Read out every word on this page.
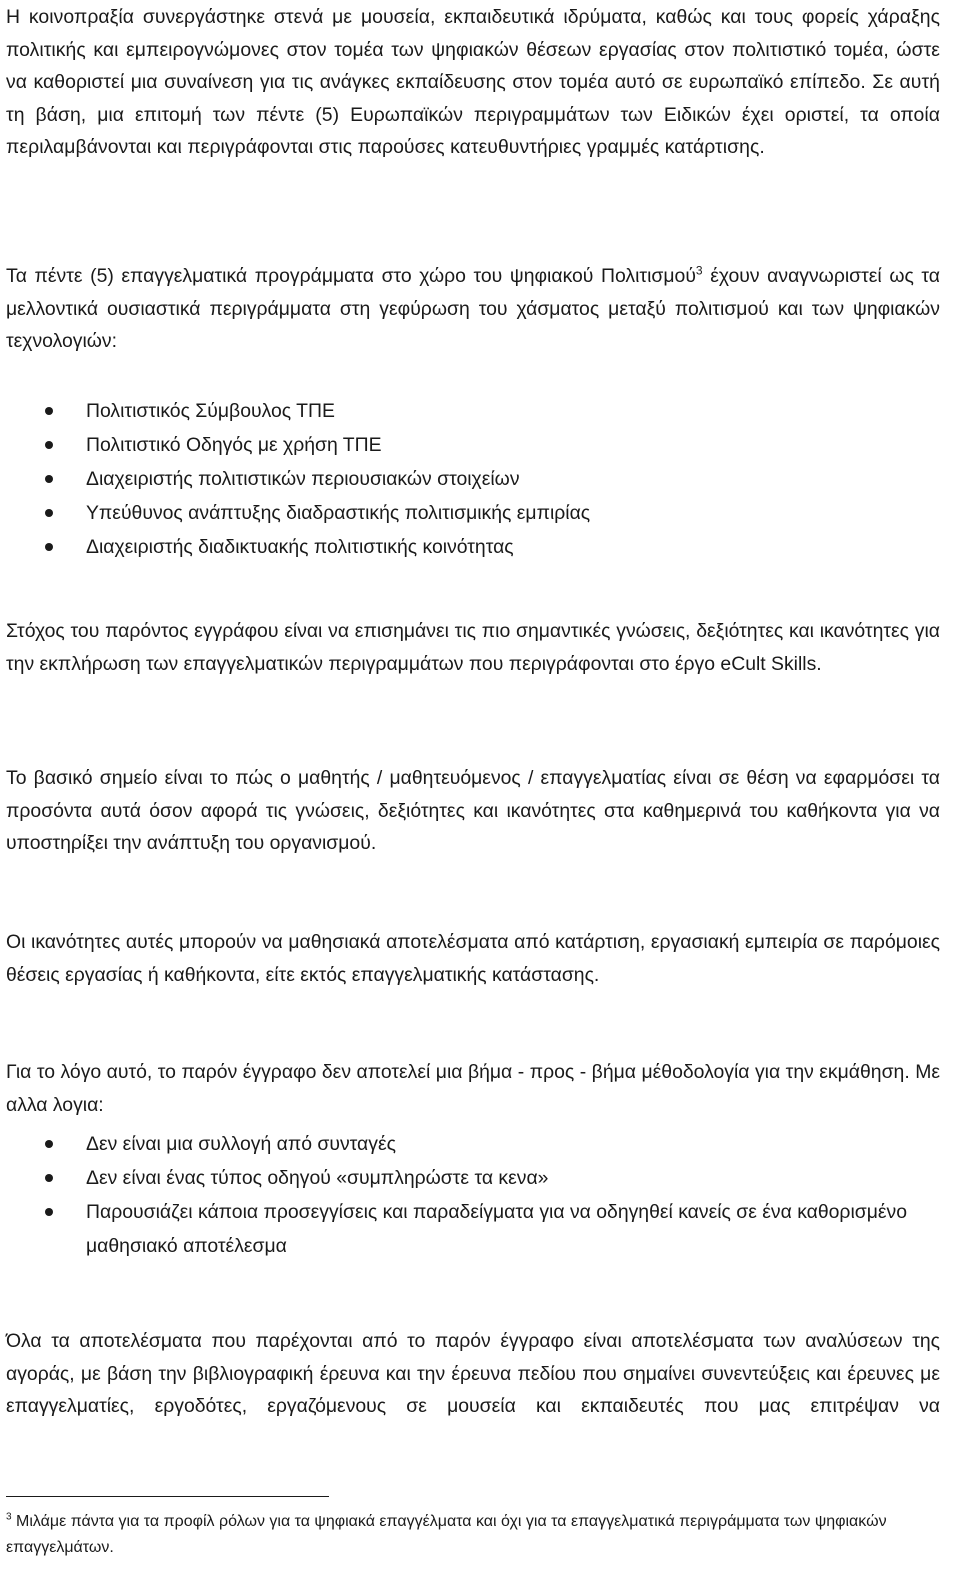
Η κοινοπραξία συνεργάστηκε στενά με μουσεία, εκπαιδευτικά ιδρύματα, καθώς και τους φορείς χάραξης πολιτικής και εμπειρογνώμονες στον τομέα των ψηφιακών θέσεων εργασίας στον πολιτιστικό τομέα, ώστε να καθοριστεί μια συναίνεση για τις ανάγκες εκπαίδευσης στον τομέα αυτό σε ευρωπαϊκό επίπεδο. Σε αυτή τη βάση, μια επιτομή των πέντε (5) Ευρωπαϊκών περιγραμμάτων των Ειδικών έχει οριστεί, τα οποία περιλαμβάνονται και περιγράφονται στις παρούσες κατευθυντήριες γραμμές κατάρτισης.

Τα πέντε (5) επαγγελματικά προγράμματα στο χώρο του ψηφιακού Πολιτισμού$^3$ έχουν αναγνωριστεί ως τα μελλοντικά ουσιαστικά περιγράμματα στη γεφύρωση του χάσματος μεταξύ πολιτισμού και των ψηφιακών τεχνολογιών:

Πολιτιστικός Σύμβουλος ΤΠΕ
Πολιτιστικό Οδηγός με χρήση ΤΠΕ
Διαχειριστής πολιτιστικών περιουσιακών στοιχείων
Υπεύθυνος ανάπτυξης διαδραστικής πολιτισμικής εμπιρίας
Διαχειριστής διαδικτυακής πολιτιστικής κοινότητας

Στόχος του παρόντος εγγράφου είναι να επισημάνει τις πιο σημαντικές γνώσεις, δεξιότητες και ικανότητες για την εκπλήρωση των επαγγελματικών περιγραμμάτων που περιγράφονται στο έργο eCult Skills.

Το βασικό σημείο είναι το πώς ο μαθητής / μαθητευόμενος / επαγγελματίας είναι σε θέση να εφαρμόσει τα προσόντα αυτά όσον αφορά τις γνώσεις, δεξιότητες και ικανότητες στα καθημερινά του καθήκοντα για να υποστηρίξει την ανάπτυξη του οργανισμού.

Οι ικανότητες αυτές μπορούν να μαθησιακά αποτελέσματα από κατάρτιση, εργασιακή εμπειρία σε παρόμοιες θέσεις εργασίας ή καθήκοντα, είτε εκτός επαγγελματικής κατάστασης.

Για το λόγο αυτό, το παρόν έγγραφο δεν αποτελεί μια βήμα - προς - βήμα μέθοδολογία για την εκμάθηση. Με αλλα λογια:

Δεν είναι μια συλλογή από συνταγές
Δεν είναι ένας τύπος οδηγού «συμπληρώστε τα κενα»
Παρουσιάζει κάποια προσεγγίσεις και παραδείγματα για να οδηγηθεί κανείς σε ένα καθορισμένο μαθησιακό αποτέλεσμα

Όλα τα αποτελέσματα που παρέχονται από το παρόν έγγραφο είναι αποτελέσματα των αναλύσεων της αγοράς, με βάση την βιβλιογραφική έρευνα και την έρευνα πεδίου που σημαίνει συνεντεύξεις και έρευνες με επαγγελματίες, εργοδότες, εργαζόμενους σε μουσεία και εκπαιδευτές που μας επιτρέψαν να

$^3$ Μιλάμε πάντα για τα προφίλ ρόλων για τα ψηφιακά επαγγέλματα και όχι για τα επαγγελματικά περιγράμματα των ψηφιακών επαγγελμάτων.
